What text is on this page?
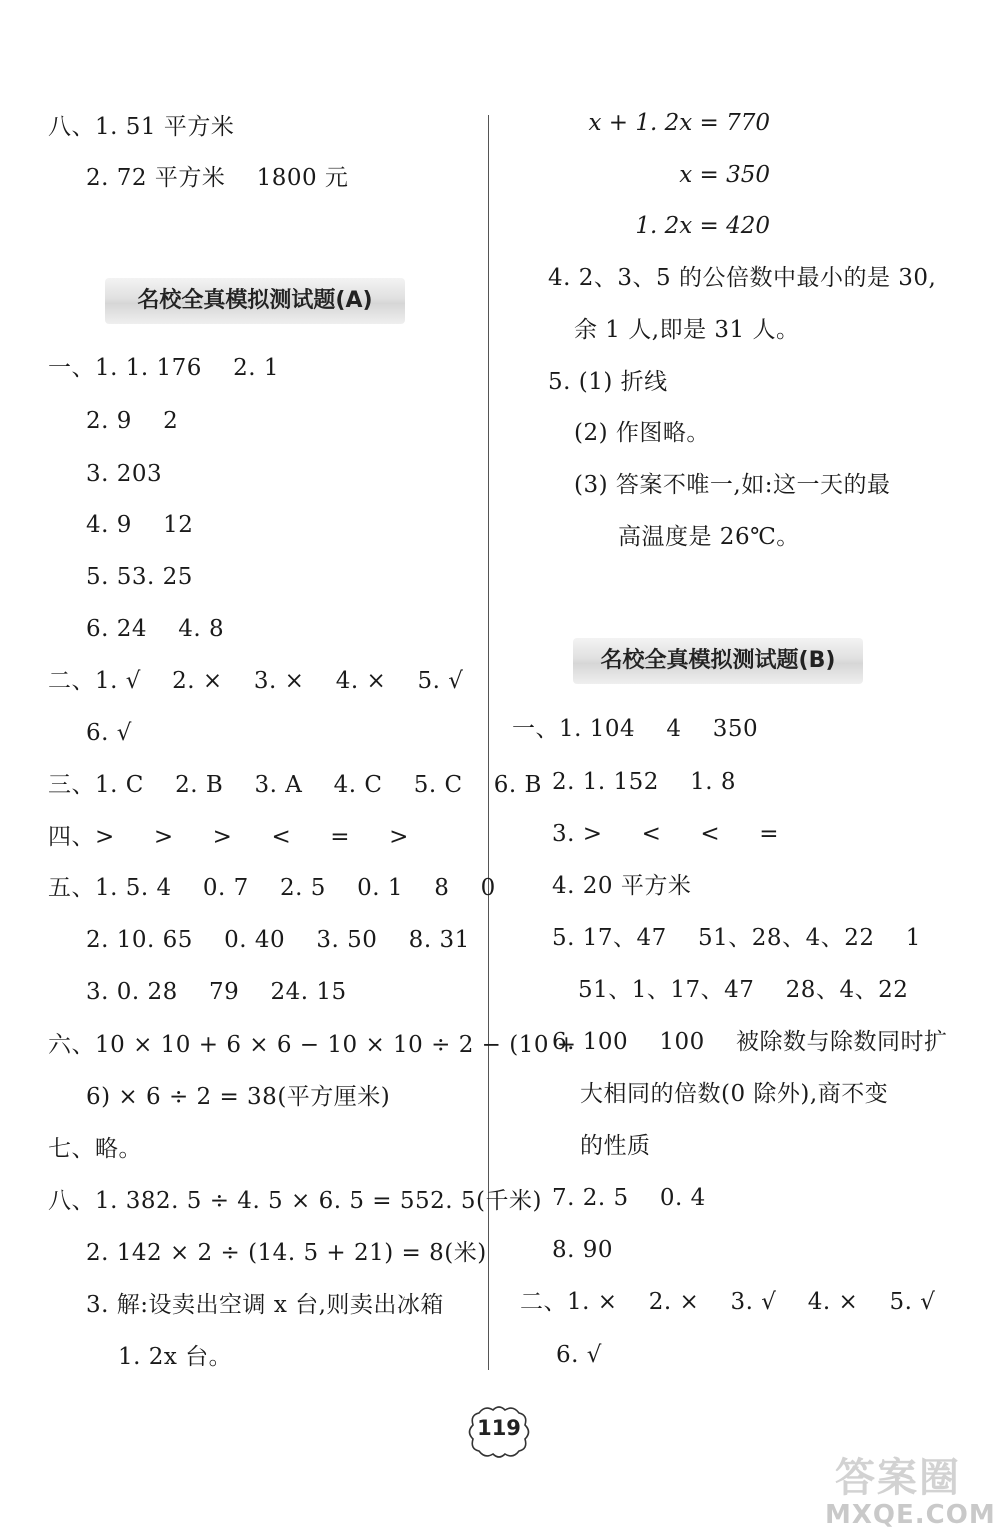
八、1. 51 平方米
2. 72 平方米    1800 元
名校全真模拟测试题(A)
一、1. 1. 176    2. 1
2. 9    2
3. 203
4. 9    12
5. 53. 25
6. 24    4. 8
二、1. √    2. ×    3. ×    4. ×    5. √
6. √
三、1. C    2. B    3. A    4. C    5. C    6. B
四、>     >     >     <     =     >
五、1. 5. 4    0. 7    2. 5    0. 1    8    0
2. 10. 65    0. 40    3. 50    8. 31
3. 0. 28    79    24. 15
六、10 × 10 + 6 × 6 − 10 × 10 ÷ 2 − (10 +
6) × 6 ÷ 2 = 38(平方厘米)
七、略。
八、1. 382. 5 ÷ 4. 5 × 6. 5 = 552. 5(千米)
2. 142 × 2 ÷ (14. 5 + 21) = 8(米)
3. 解:设卖出空调 x 台,则卖出冰箱
1. 2x 台。
x + 1. 2x = 770
x = 350
1. 2x = 420
4. 2、3、5 的公倍数中最小的是 30,
余 1 人,即是 31 人。
5. (1) 折线
(2) 作图略。
(3) 答案不唯一,如:这一天的最
高温度是 26℃。
名校全真模拟测试题(B)
一、1. 104    4    350
2. 1. 152    1. 8
3. >     <     <     =
4. 20 平方米
5. 17、47    51、28、4、22    1
51、1、17、47    28、4、22
6. 100    100    被除数与除数同时扩
大相同的倍数(0 除外),商不变
的性质
7. 2. 5    0. 4
8. 90
二、1. ×    2. ×    3. √    4. ×    5. √
6. √
119
答案圈
MXQE.COM
